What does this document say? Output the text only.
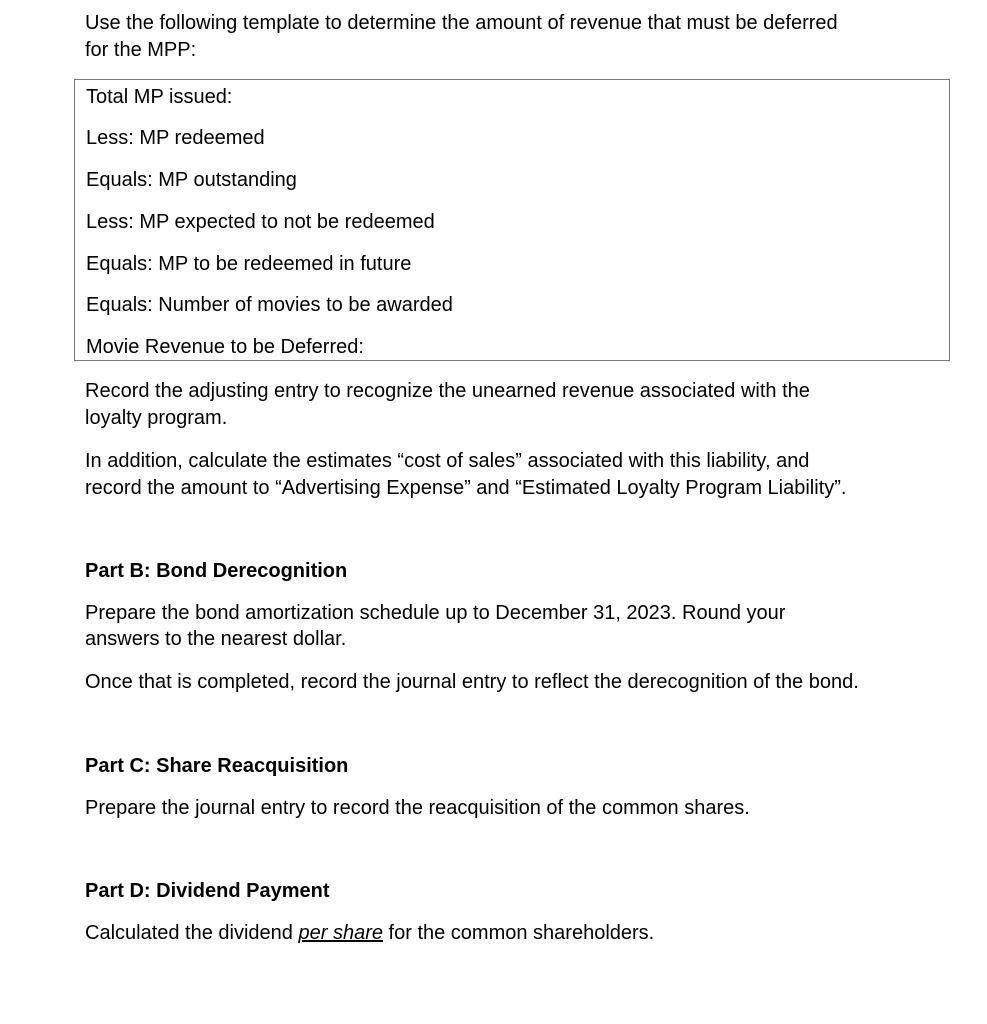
Use the following template to determine the amount of revenue that must be deferred

for the MPP:

Total MP issued:
Less: MP redeemed
Equals: MP outstanding
Less: MP expected to not be redeemed
Equals: MP to be redeemed in future
Equals: Number of movies to be awarded
Movie Revenue to be Deferred:

Record the adjusting entry to recognize the unearned revenue associated with the

loyalty program.

In addition, calculate the estimates “cost of sales” associated with this liability, and

record the amount to “Advertising Expense” and “Estimated Loyalty Program Liability”.

Part B: Bond Derecognition

Prepare the bond amortization schedule up to December 31, 2023. Round your

answers to the nearest dollar.

Once that is completed, record the journal entry to reflect the derecognition of the bond.

Part C: Share Reacquisition

Prepare the journal entry to record the reacquisition of the common shares.

Part D: Dividend Payment

Calculated the dividend per share for the common shareholders.
